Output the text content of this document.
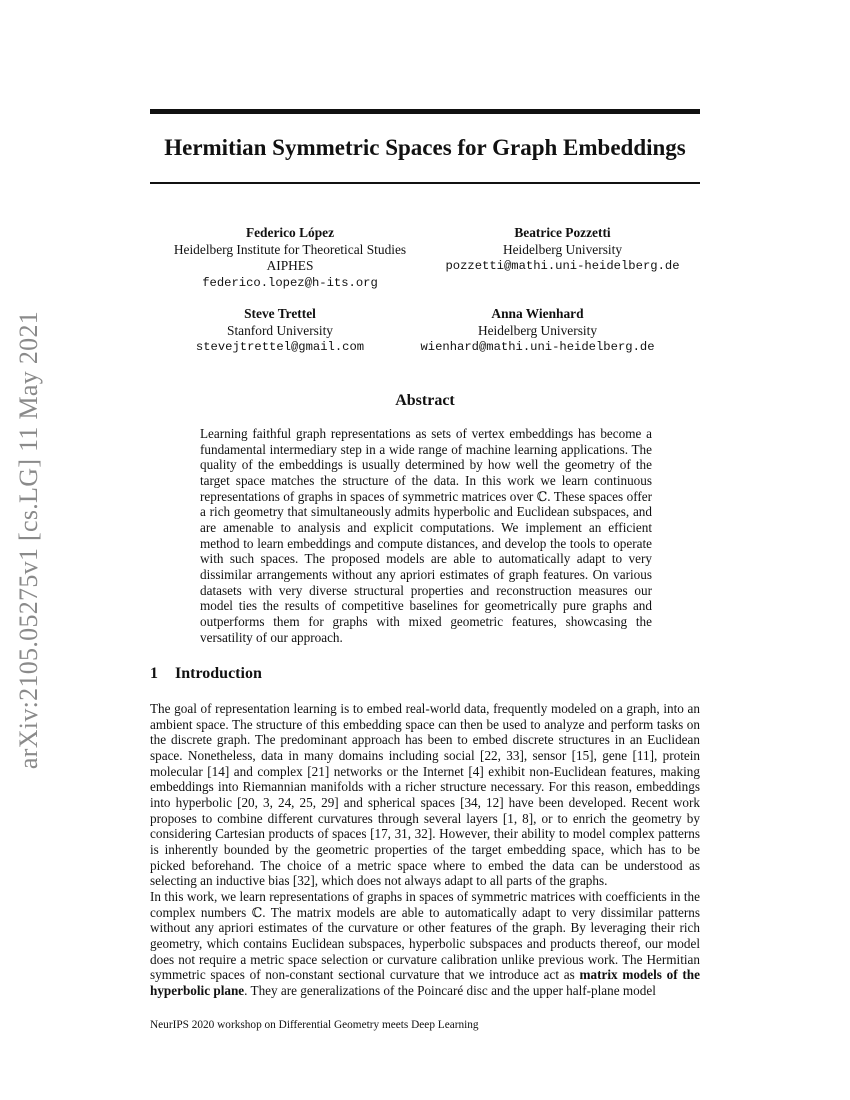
arXiv:2105.05275v1 [cs.LG] 11 May 2021
Hermitian Symmetric Spaces for Graph Embeddings
Federico López
Heidelberg Institute for Theoretical Studies
AIPHES
federico.lopez@h-its.org
Beatrice Pozzetti
Heidelberg University
pozzetti@mathi.uni-heidelberg.de
Steve Trettel
Stanford University
stevejtrettel@gmail.com
Anna Wienhard
Heidelberg University
wienhard@mathi.uni-heidelberg.de
Abstract

Learning faithful graph representations as sets of vertex embeddings has become a fundamental intermediary step in a wide range of machine learning applications. The quality of the embeddings is usually determined by how well the geometry of the target space matches the structure of the data. In this work we learn continuous representations of graphs in spaces of symmetric matrices over ℂ. These spaces offer a rich geometry that simultaneously admits hyperbolic and Euclidean subspaces, and are amenable to analysis and explicit computations. We implement an efficient method to learn embeddings and compute distances, and develop the tools to operate with such spaces. The proposed models are able to automatically adapt to very dissimilar arrangements without any apriori estimates of graph features. On various datasets with very diverse structural properties and reconstruction measures our model ties the results of competitive baselines for geometrically pure graphs and outperforms them for graphs with mixed geometric features, showcasing the versatility of our approach.

1 Introduction

The goal of representation learning is to embed real-world data, frequently modeled on a graph, into an ambient space. The structure of this embedding space can then be used to analyze and perform tasks on the discrete graph. The predominant approach has been to embed discrete structures in an Euclidean space. Nonetheless, data in many domains including social [22, 33], sensor [15], gene [11], protein molecular [14] and complex [21] networks or the Internet [4] exhibit non-Euclidean features, making embeddings into Riemannian manifolds with a richer structure necessary. For this reason, embeddings into hyperbolic [20, 3, 24, 25, 29] and spherical spaces [34, 12] have been developed. Recent work proposes to combine different curvatures through several layers [1, 8], or to enrich the geometry by considering Cartesian products of spaces [17, 31, 32]. However, their ability to model complex patterns is inherently bounded by the geometric properties of the target embedding space, which has to be picked beforehand. The choice of a metric space where to embed the data can be understood as selecting an inductive bias [32], which does not always adapt to all parts of the graphs.

In this work, we learn representations of graphs in spaces of symmetric matrices with coefficients in the complex numbers ℂ. The matrix models are able to automatically adapt to very dissimilar patterns without any apriori estimates of the curvature or other features of the graph. By leveraging their rich geometry, which contains Euclidean subspaces, hyperbolic subspaces and products thereof, our model does not require a metric space selection or curvature calibration unlike previous work. The Hermitian symmetric spaces of non-constant sectional curvature that we introduce act as matrix models of the hyperbolic plane. They are generalizations of the Poincaré disc and the upper half-plane model

NeurIPS 2020 workshop on Differential Geometry meets Deep Learning
